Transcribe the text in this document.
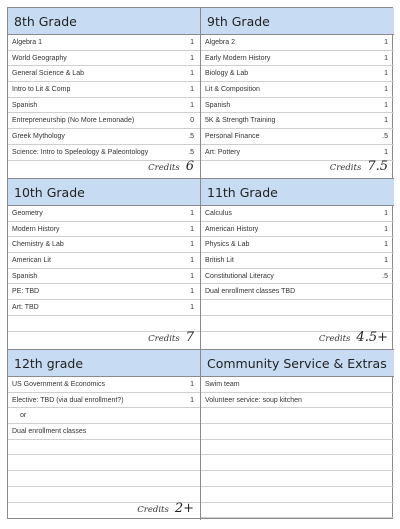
8th Grade
Algebra 1	1
World Geography	1
General Science & Lab	1
Intro to Lit & Comp	1
Spanish	1
Entrepreneurship (No More Lemonade)	0
Greek Mythology	.5
Science: Intro to Speleology & Paleontology	.5
Credits 6
9th Grade
Algebra 2	1
Early Modern History	1
Biology & Lab	1
Lit & Composition	1
Spanish	1
5K & Strength Training	1
Personal Finance	.5
Art: Pottery	1
Credits 7.5
10th Grade
Geometry	1
Modern History	1
Chemistry & Lab	1
American Lit	1
Spanish	1
PE: TBD	1
Art: TBD	1
Credits 7
11th Grade
Calculus	1
American History	1
Physics & Lab	1
British Lit	1
Constitutional Literacy	.5
Dual enrollment classes TBD
Credits 4.5+
12th grade
US Government & Economics	1
Elective: TBD (via dual enrollment?)	1
or
Dual enrollment classes
Credits 2+
Community Service & Extras
Swim team
Volunteer service: soup kitchen
